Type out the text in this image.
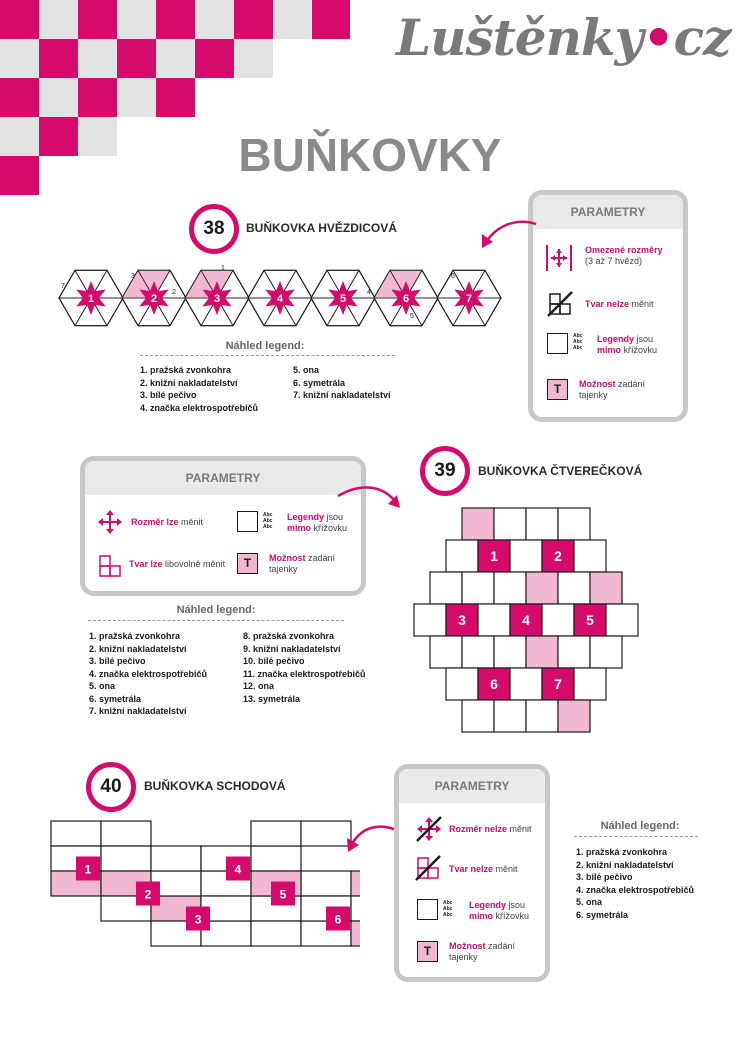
Luštěnky•cz
BUŇKOVKY
38	BUŇKOVKA HVĚZDICOVÁ
1	2	3	4	5	6	7
7
3
2
1
4
6
5
Náhled legend:
1. pražská zvonkohra
2. knižní nakladatelství
3. bílé pečivo
4. značka elektrospotřebičů
5. ona
6. symetrála
7. knižní nakladatelství
PARAMETRY
Omezené rozměry
(3 až 7 hvězd)
Tvar nelze měnit
Abc
Abc
Abc
Legendy jsou
mimo křížovku
T	Možnost zadání
tajenky
PARAMETRY
Rozměr lze měnit
Tvar lze libovolně měnit
Abc
Abc
Abc
Legendy jsou
mimo křížovku
T	Možnost zadání
tajenky
39	BUŇKOVKA ČTVEREČKOVÁ
1	2
3	4	5
6	7
Náhled legend:
1. pražská zvonkohra
2. knižní nakladatelství
3. bílé pečivo
4. značka elektrospotřebičů
5. ona
6. symetrála
7. knižní nakladatelství
8. pražská zvonkohra
9. knižní nakladatelství
10. bílé pečivo
11. značka elektrospotřebičů
12. ona
13. symetrála
40	BUŇKOVKA SCHODOVÁ
1
2
3
4
5
6
PARAMETRY
Rozměr nelze měnit
Tvar nelze měnit
Abc
Abc
Abc
Legendy jsou
mimo křížovku
T	Možnost zadání
tajenky
Náhled legend:
1. pražská zvonkohra
2. knižní nakladatelství
3. bílé pečivo
4. značka elektrospotřebičů
5. ona
6. symetrála
